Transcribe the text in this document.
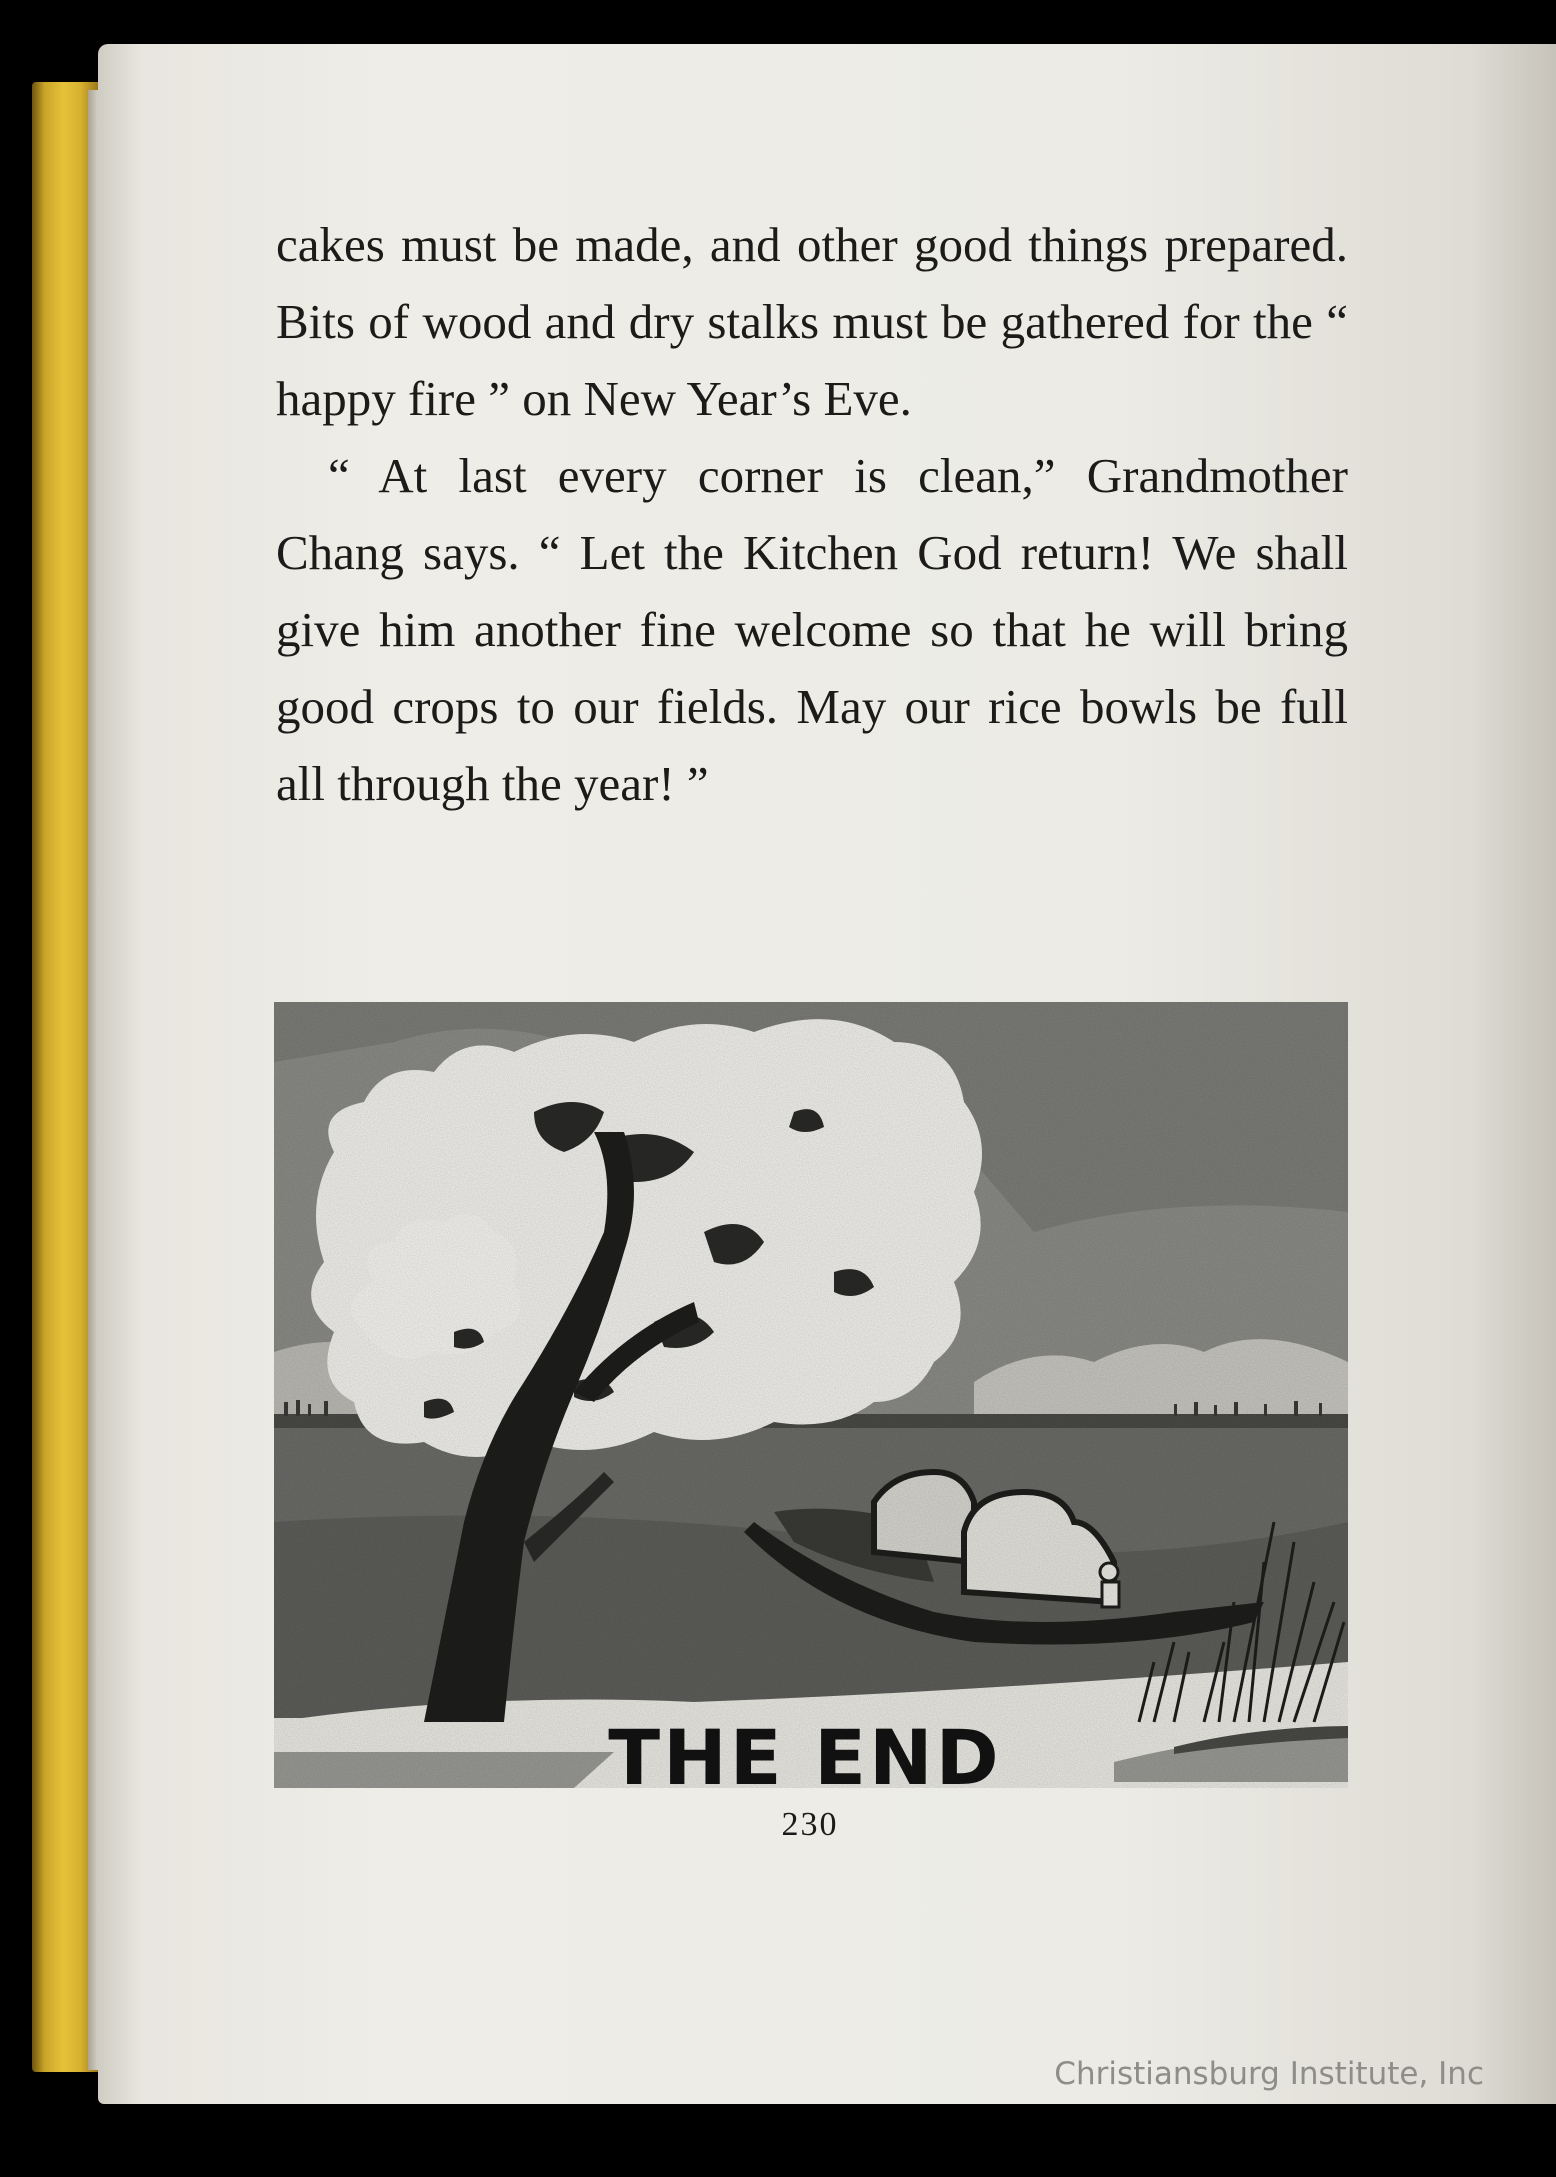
cakes must be made, and other good things prepared. Bits of wood and dry stalks must be gathered for the “ happy fire ” on New Year’s Eve.

“ At last every corner is clean,” Grandmother Chang says. “ Let the Kitchen God return! We shall give him another fine welcome so that he will bring good crops to our fields. May our rice bowls be full all through the year! ”

THE END
230
Christiansburg Institute, Inc
